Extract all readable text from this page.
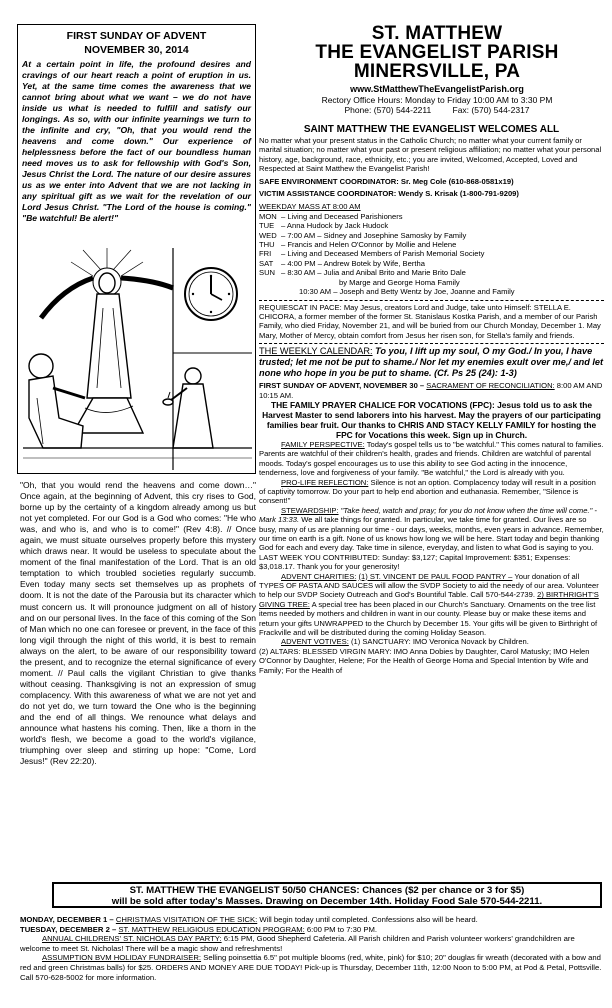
FIRST SUNDAY OF ADVENT
NOVEMBER 30, 2014

At a certain point in life, the profound desires and cravings of our heart reach a point of eruption in us. Yet, at the same time comes the awareness that we cannot bring about what we want – we do not have inside us what is needed to fulfill and satisfy our longings. As so, with our infinite yearnings we turn to the infinite and cry, "Oh, that you would rend the heavens and come down." Our experience of helplessness before the fact of our boundless human need moves us to ask for fellowship with God's Son, Jesus Christ the Lord. The nature of our desire assures us as we enter into Advent that we are not lacking in any spiritual gift as we wait for the revelation of our Lord Jesus Christ. "The Lord of the house is coming." "Be watchful! Be alert!"

"Oh, that you would rend the heavens and come down…" Once again, at the beginning of Advent, this cry rises to God, borne up by the certainty of a kingdom already among us but not yet completed. For our God is a God who comes: "He who was, and who is, and who is to come!" (Rev 4:8). // Once again, we must situate ourselves properly before this mystery which draws near. It would be useless to speculate about the moment of the final manifestation of the Lord. That is an old temptation to which troubled societies regularly succumb. Even today many sects set themselves up as prophets of doom. It is not the date of the Parousia but its character which must concern us. It will pronounce judgment on all of history and on our personal lives. In the face of this coming of the Son of Man which no one can foresee or prevent, in the face of this long vigil through the night of this world, it is best to remain always on the alert, to be aware of our responsibility toward the present, and to recognize the eternal significance of every moment. // Paul calls the vigilant Christian to give thanks without ceasing. Thanksgiving is not an expression of smug complacency. With this awareness of what we are not yet and do not yet do, we turn toward the One who is the beginning and the end of all things. We renounce what delays and announce what hastens his coming. Then, like a thorn in the world's flesh, we become a goad to the world's vigilance, triumphing over sleep and stirring up hope: "Come, Lord Jesus!" (Rev 22:20).

ST. MATTHEW
THE EVANGELIST PARISH
MINERSVILLE, PA
www.StMatthewTheEvangelistParish.org
Rectory Office Hours: Monday to Friday 10:00 AM to 3:30 PM
Phone: (570) 544-2211	Fax: (570) 544-2317
SAINT MATTHEW THE EVANGELIST WELCOMES ALL

No matter what your present status in the Catholic Church; no matter what your current family or marital situation; no matter what your past or present religious affiliation; no matter what your personal history, age, background, race, ethnicity, etc.; you are invited, Welcomed, Accepted, Loved and Respected at Saint Matthew the Evangelist Parish!

SAFE ENVIRONMENT COORDINATOR: Sr. Meg Cole (610-868-0581x19)

VICTIM ASSISTANCE COORDINATOR: Wendy S. Krisak (1-800-791-9209)

WEEKDAY MASS AT 8:00 AM

MON – Living and Deceased Parishioners
TUE – Anna Hudock by Jack Hudock
WED – 7:00 AM – Sidney and Josephine Samosky by Family
THU – Francis and Helen O'Connor by Mollie and Helene
FRI	– Living and Deceased Members of Parish Memorial Society
SAT	– 4:00 PM – Andrew Botek by Wife, Bertha
SUN – 8:30 AM – Julia and Anibal Brito and Marie Brito Dale
by Marge and George Homa Family
10:30 AM – Joseph and Betty Wentz by Joe, Joanne and Family

REQUIESCAT IN PACE: May Jesus, creators Lord and Judge, take unto Himself: STELLA E. CHICORA, a former member of the former St. Stanislaus Kostka Parish, and a member of our Parish Family, who died Friday, November 21, and will be buried from our Church Monday, December 1. May Mary, Mother of Mercy, obtain comfort from Jesus her risen son, for Stella's family and friends.

THE WEEKLY CALENDAR: To you, I lift up my soul, O my God./ In you, I have trusted; let me not be put to shame./ Nor let my enemies exult over me,/ and let none who hope in you be put to shame. (Cf. Ps 25 (24): 1-3)

FIRST SUNDAY OF ADVENT, NOVEMBER 30 – SACRAMENT OF RECONCILIATION: 8:00 AM AND 10:15 AM.

THE FAMILY PRAYER CHALICE FOR VOCATIONS (FPC): Jesus told us to ask the Harvest Master to send laborers into his harvest. May the prayers of our participating families bear fruit. Our thanks to CHRIS AND STACY KELLY FAMILY for hosting the FPC for Vocations this week. Sign up in Church.

FAMILY PERSPECTIVE: Today's gospel tells us to "be watchful." This comes natural to families. Parents are watchful of their children's health, grades and friends. Children are watchful of parental moods. Today's gospel encourages us to use this ability to see God acting in the innocence, tenderness, love and forgiveness of your family. "Be watchful," the Lord is already with you.

PRO-LIFE REFLECTION: Silence is not an option. Complacency today will result in a position of captivity tomorrow. Do your part to help end abortion and euthanasia. Remember, "Silence is consent!"

STEWARDSHIP: "Take heed, watch and pray; for you do not know when the time will come." - Mark 13:33. We all take things for granted. In particular, we take time for granted. Our lives are so busy, many of us are planning our time - our days, weeks, months, even years in advance. Remember, our time on earth is a gift. None of us knows how long we will be here. Start today and begin thanking God for each and every day. Take time in silence, everyday, and listen to what God is saying to you. LAST WEEK YOU CONTRIBUTED: Sunday: $3,127; Capital Improvement: $351; Expenses: $3,018.17. Thank you for your generosity!

ADVENT CHARITIES: (1) ST. VINCENT DE PAUL FOOD PANTRY – Your donation of all TYPES OF PASTA AND SAUCES will allow the SVDP Society to aid the needy of our area. Volunteer to help our SVDP Society Outreach and God's Bountiful Table. Call 570-544-2739. 2) BIRTHRIGHT'S GIVING TREE: A special tree has been placed in our Church's Sanctuary. Ornaments on the tree list items needed by mothers and children in want in our county. Please buy or make these items and return your gifts UNWRAPPED to the Church by December 15. Your gifts will be given to Birthright of Frackville and will be distributed during the coming Holiday Season.

ADVENT VOTIVES: (1) SANCTUARY: IMO Veronica Novack by Children.

(2) ALTARS: BLESSED VIRGIN MARY: IMO Anna Dobies by Daughter, Carol Matusky; IMO Helen O'Connor by Daughter, Helene; For the Health of George Homa and Special Intention by Wife and Family; For the Health of

ST. MATTHEW THE EVANGELIST 50/50 CHANCES: Chances ($2 per chance or 3 for $5)
will be sold after today's Masses. Drawing on December 14th. Holiday Food Sale 570-544-2211.

MONDAY, DECEMBER 1 – CHRISTMAS VISITATION OF THE SICK: Will begin today until completed. Confessions also will be heard.

TUESDAY, DECEMBER 2 – ST. MATTHEW RELIGIOUS EDUCATION PROGRAM: 6:00 PM to 7:30 PM.

ANNUAL CHILDRENS' ST. NICHOLAS DAY PARTY: 6:15 PM, Good Shepherd Cafeteria. All Parish children and Parish volunteer workers' grandchildren are welcome to meet St. Nicholas! There will be a magic show and refreshments!

ASSUMPTION BVM HOLIDAY FUNDRAISER: Selling poinsettia 6.5" pot multiple blooms (red, white, pink) for $10; 20" douglas fir wreath (decorated with a bow and red and green Christmas balls) for $25. ORDERS AND MONEY ARE DUE TODAY! Pick-up is Thursday, December 11th, 12:00 Noon to 5:00 PM, at Pod & Petal, Pottsville. Call 570-628-5002 for more information.
